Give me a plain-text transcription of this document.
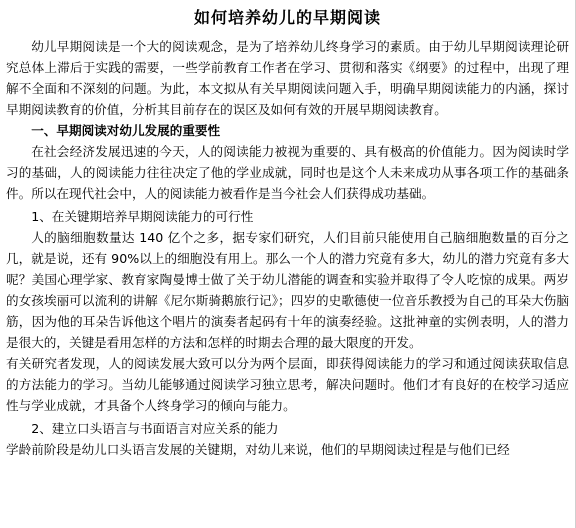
如何培养幼儿的早期阅读

幼儿早期阅读是一个大的阅读观念，是为了培养幼儿终身学习的素质。由于幼儿早期阅读理论研究总体上滞后于实践的需要，一些学前教育工作者在学习、贯彻和落实《纲要》的过程中，出现了理解不全面和不深刻的问题。为此，本文拟从有关早期阅读问题入手，明确早期阅读能力的内涵，探讨早期阅读教育的价值，分析其目前存在的误区及如何有效的开展早期阅读教育。

一、早期阅读对幼儿发展的重要性

在社会经济发展迅速的今天，人的阅读能力被视为重要的、具有极高的价值能力。因为阅读时学习的基础，人的阅读能力往往决定了他的学业成就，同时也是这个人未来成功从事各项工作的基础条件。所以在现代社会中，人的阅读能力被看作是当今社会人们获得成功基础。

1、在关键期培养早期阅读能力的可行性

人的脑细胞数量达 140 亿个之多，据专家们研究，人们目前只能使用自己脑细胞数量的百分之几，就是说，还有 90%以上的细胞没有用上。那么一个人的潜力究竟有多大，幼儿的潜力究竟有多大呢？美国心理学家、教育家陶曼博士做了关于幼儿潜能的调查和实验并取得了令人吃惊的成果。两岁的女孩埃丽可以流利的讲解《尼尔斯骑鹅旅行记》；四岁的史歌德使一位音乐教授为自己的耳朵大伤脑筋，因为他的耳朵告诉他这个唱片的演奏者起码有十年的演奏经验。这批神童的实例表明，人的潜力是很大的，关键是看用怎样的方法和怎样的时期去合理的最大限度的开发。

有关研究者发现，人的阅读发展大致可以分为两个层面，即获得阅读能力的学习和通过阅读获取信息的方法能力的学习。当幼儿能够通过阅读学习独立思考，解决问题时。他们才有良好的在校学习适应性与学业成就，才具备个人终身学习的倾向与能力。

2、建立口头语言与书面语言对应关系的能力

学龄前阶段是幼儿口头语言发展的关键期，对幼儿来说，他们的早期阅读过程是与他们已经
